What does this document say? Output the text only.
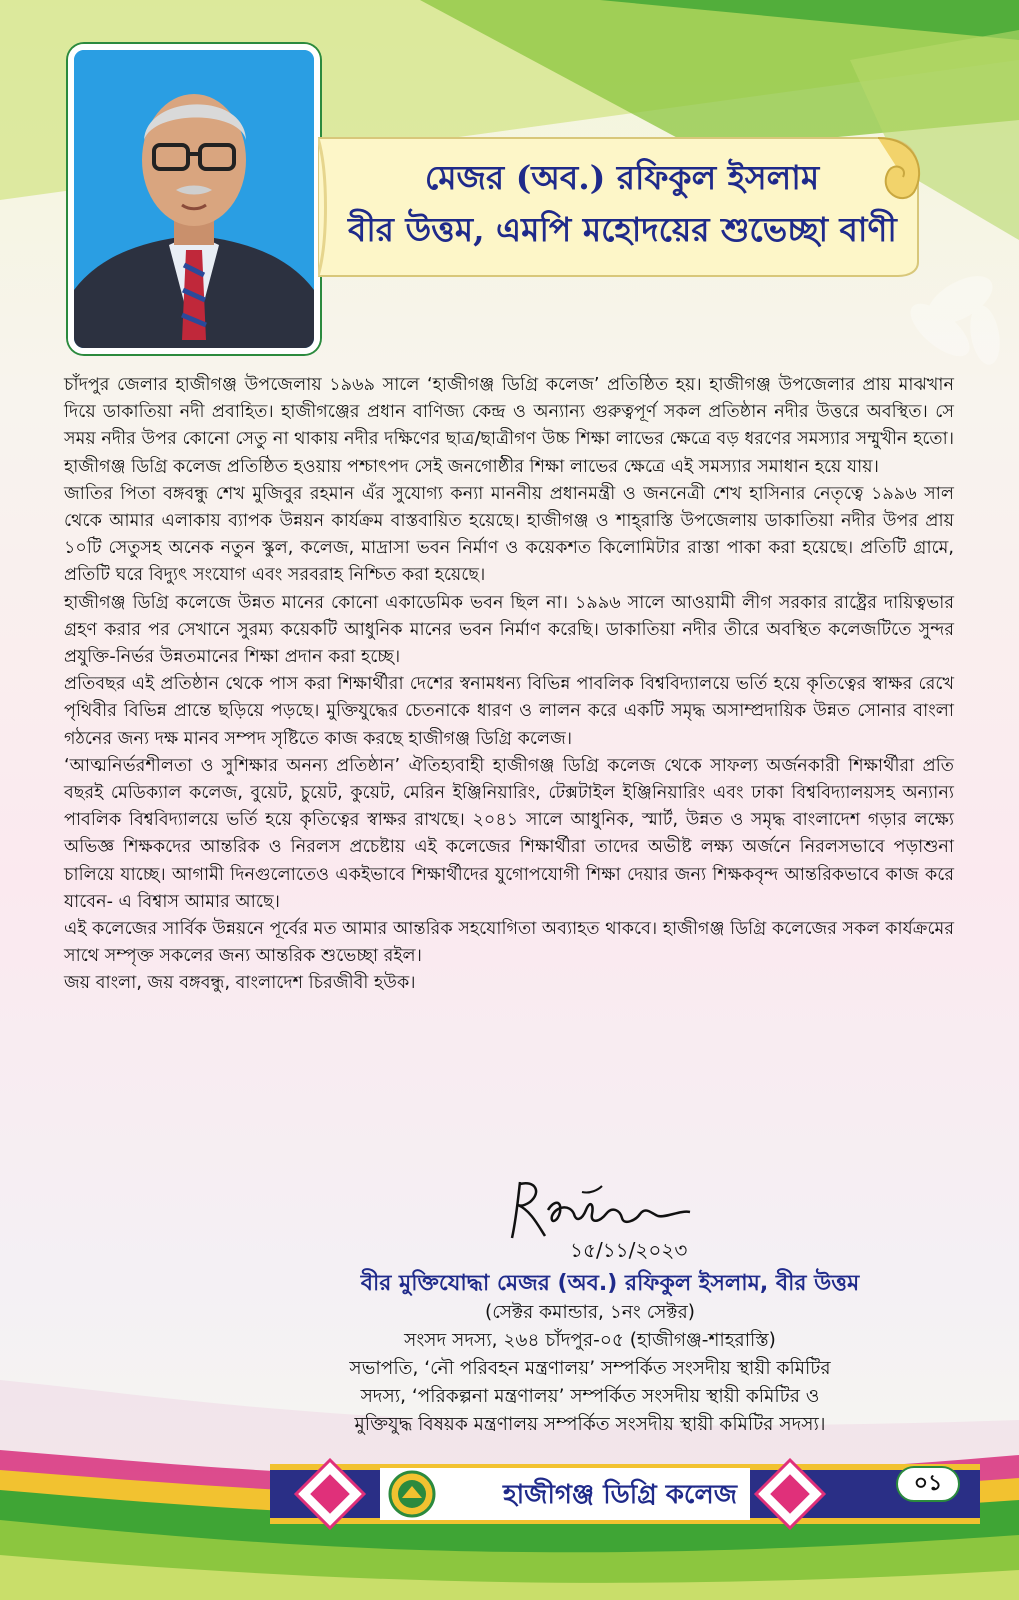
মেজর (অব.) রফিকুল ইসলাম
বীর উত্তম, এমপি মহোদয়ের শুভেচ্ছা বাণী

চাঁদপুর জেলার হাজীগঞ্জ উপজেলায় ১৯৬৯ সালে ‘হাজীগঞ্জ ডিগ্রি কলেজ’ প্রতিষ্ঠিত হয়। হাজীগঞ্জ উপজেলার প্রায় মাঝখান দিয়ে ডাকাতিয়া নদী প্রবাহিত। হাজীগঞ্জের প্রধান বাণিজ্য কেন্দ্র ও অন্যান্য গুরুত্বপূর্ণ সকল প্রতিষ্ঠান নদীর উত্তরে অবস্থিত। সে সময় নদীর উপর কোনো সেতু না থাকায় নদীর দক্ষিণের ছাত্র/ছাত্রীগণ উচ্চ শিক্ষা লাভের ক্ষেত্রে বড় ধরণের সমস্যার সম্মুখীন হতো। হাজীগঞ্জ ডিগ্রি কলেজ প্রতিষ্ঠিত হওয়ায় পশ্চাৎপদ সেই জনগোষ্ঠীর শিক্ষা লাভের ক্ষেত্রে এই সমস্যার সমাধান হয়ে যায়।

জাতির পিতা বঙ্গবন্ধু শেখ মুজিবুর রহমান এঁর সুযোগ্য কন্যা মাননীয় প্রধানমন্ত্রী ও জননেত্রী শেখ হাসিনার নেতৃত্বে ১৯৯৬ সাল থেকে আমার এলাকায় ব্যাপক উন্নয়ন কার্যক্রম বাস্তবায়িত হয়েছে। হাজীগঞ্জ ও শাহ্‌রাস্তি উপজেলায় ডাকাতিয়া নদীর উপর প্রায় ১০টি সেতুসহ অনেক নতুন স্কুল, কলেজ, মাদ্রাসা ভবন নির্মাণ ও কয়েকশত কিলোমিটার রাস্তা পাকা করা হয়েছে। প্রতিটি গ্রামে, প্রতিটি ঘরে বিদ্যুৎ সংযোগ এবং সরবরাহ নিশ্চিত করা হয়েছে।

হাজীগঞ্জ ডিগ্রি কলেজে উন্নত মানের কোনো একাডেমিক ভবন ছিল না। ১৯৯৬ সালে আওয়ামী লীগ সরকার রাষ্ট্রের দায়িত্বভার গ্রহণ করার পর সেখানে সুরম্য কয়েকটি আধুনিক মানের ভবন নির্মাণ করেছি। ডাকাতিয়া নদীর তীরে অবস্থিত কলেজটিতে সুন্দর প্রযুক্তি-নির্ভর উন্নতমানের শিক্ষা প্রদান করা হচ্ছে।

প্রতিবছর এই প্রতিষ্ঠান থেকে পাস করা শিক্ষার্থীরা দেশের স্বনামধন্য বিভিন্ন পাবলিক বিশ্ববিদ্যালয়ে ভর্তি হয়ে কৃতিত্বের স্বাক্ষর রেখে পৃথিবীর বিভিন্ন প্রান্তে ছড়িয়ে পড়ছে। মুক্তিযুদ্ধের চেতনাকে ধারণ ও লালন করে একটি সমৃদ্ধ অসাম্প্রদায়িক উন্নত সোনার বাংলা গঠনের জন্য দক্ষ মানব সম্পদ সৃষ্টিতে কাজ করছে হাজীগঞ্জ ডিগ্রি কলেজ।

‘আত্মনির্ভরশীলতা ও সুশিক্ষার অনন্য প্রতিষ্ঠান’ ঐতিহ্যবাহী হাজীগঞ্জ ডিগ্রি কলেজ থেকে সাফল্য অর্জনকারী শিক্ষার্থীরা প্রতি বছরই মেডিক্যাল কলেজ, বুয়েট, চুয়েট, কুয়েট, মেরিন ইঞ্জিনিয়ারিং, টেক্সটাইল ইঞ্জিনিয়ারিং এবং ঢাকা বিশ্ববিদ্যালয়সহ অন্যান্য পাবলিক বিশ্ববিদ্যালয়ে ভর্তি হয়ে কৃতিত্বের স্বাক্ষর রাখছে। ২০৪১ সালে আধুনিক, স্মার্ট, উন্নত ও সমৃদ্ধ বাংলাদেশ গড়ার লক্ষ্যে অভিজ্ঞ শিক্ষকদের আন্তরিক ও নিরলস প্রচেষ্টায় এই কলেজের শিক্ষার্থীরা তাদের অভীষ্ট লক্ষ্য অর্জনে নিরলসভাবে পড়াশুনা চালিয়ে যাচ্ছে। আগামী দিনগুলোতেও একইভাবে শিক্ষার্থীদের যুগোপযোগী শিক্ষা দেয়ার জন্য শিক্ষকবৃন্দ আন্তরিকভাবে কাজ করে যাবেন- এ বিশ্বাস আমার আছে।

এই কলেজের সার্বিক উন্নয়নে পূর্বের মত আমার আন্তরিক সহযোগিতা অব্যাহত থাকবে। হাজীগঞ্জ ডিগ্রি কলেজের সকল কার্যক্রমের সাথে সম্পৃক্ত সকলের জন্য আন্তরিক শুভেচ্ছা রইল।

জয় বাংলা, জয় বঙ্গবন্ধু, বাংলাদেশ চিরজীবী হউক।

১৫/১১/২০২৩
বীর মুক্তিযোদ্ধা মেজর (অব.) রফিকুল ইসলাম, বীর উত্তম
(সেক্টর কমান্ডার, ১নং সেক্টর)
সংসদ সদস্য, ২৬৪ চাঁদপুর-০৫ (হাজীগঞ্জ-শাহরাস্তি)
সভাপতি, ‘নৌ পরিবহন মন্ত্রণালয়’ সম্পর্কিত সংসদীয় স্থায়ী কমিটির
সদস্য, ‘পরিকল্পনা মন্ত্রণালয়’ সম্পর্কিত সংসদীয় স্থায়ী কমিটির ও
মুক্তিযুদ্ধ বিষয়ক মন্ত্রণালয় সম্পর্কিত সংসদীয় স্থায়ী কমিটির সদস্য।
হাজীগঞ্জ ডিগ্রি কলেজ	০১
